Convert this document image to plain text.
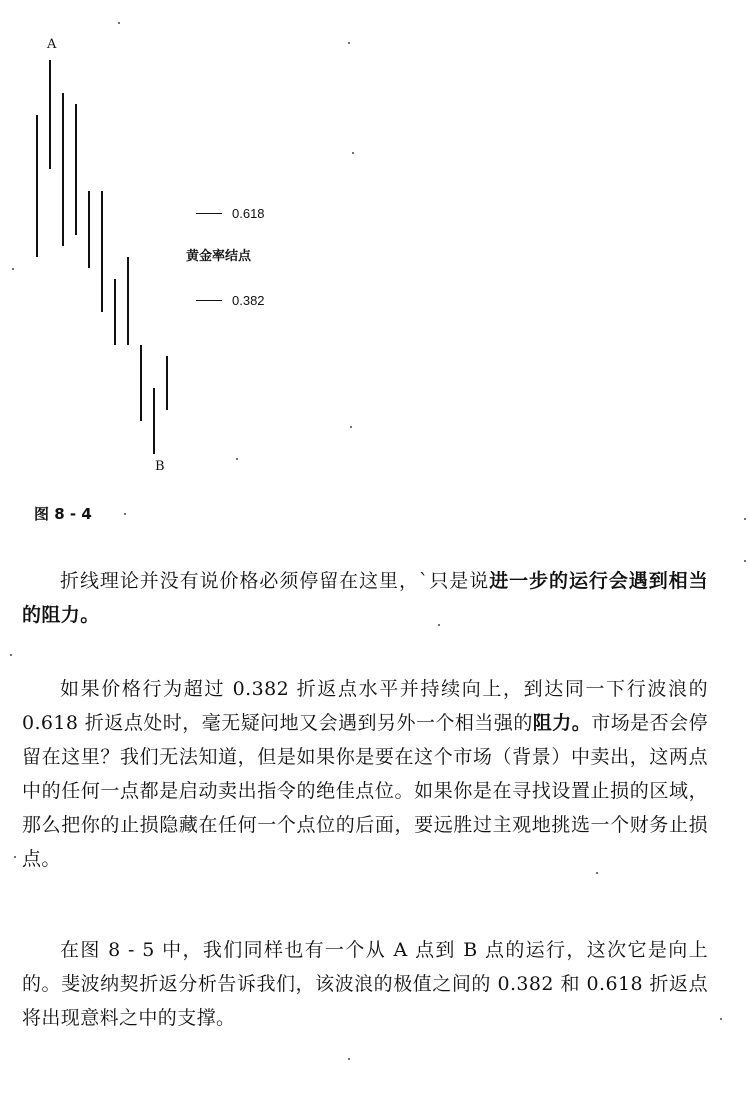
A
B
0.618
黄金率结点
0.382
图 8 - 4

折线理论并没有说价格必须停留在这里，`只是说进一步的运行会遇到相当的阻力。

如果价格行为超过 0.382 折返点水平并持续向上，到达同一下行波浪的 0.618 折返点处时，毫无疑问地又会遇到另外一个相当强的阻力。市场是否会停留在这里？我们无法知道，但是如果你是要在这个市场（背景）中卖出，这两点中的任何一点都是启动卖出指令的绝佳点位。如果你是在寻找设置止损的区域，那么把你的止损隐藏在任何一个点位的后面，要远胜过主观地挑选一个财务止损点。

在图 8 - 5 中，我们同样也有一个从 A 点到 B 点的运行，这次它是向上的。斐波纳契折返分析告诉我们，该波浪的极值之间的 0.382 和 0.618 折返点将出现意料之中的支撑。
